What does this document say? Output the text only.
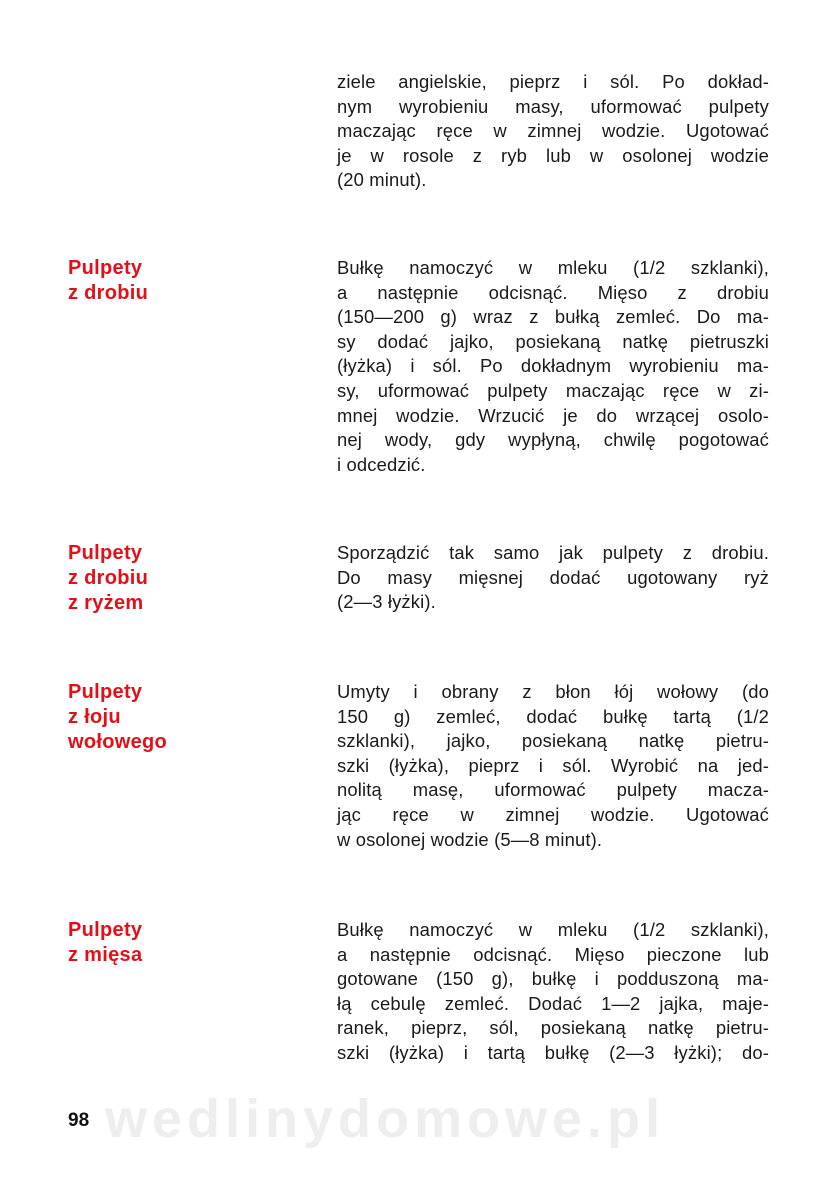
wedlinydomowe.pl

ziele angielskie, pieprz i sól. Po dokład-
nym wyrobieniu masy, uformować pulpety
maczając ręce w zimnej wodzie. Ugotować
je w rosole z ryb lub w osolonej wodzie
(20 minut).

Pulpety
z drobiu

Bułkę namoczyć w mleku (1/2 szklanki),
a następnie odcisnąć. Mięso z drobiu
(150—200 g) wraz z bułką zemleć. Do ma-
sy dodać jajko, posiekaną natkę pietruszki
(łyżka) i sól. Po dokładnym wyrobieniu ma-
sy, uformować pulpety maczając ręce w zi-
mnej wodzie. Wrzucić je do wrzącej osolo-
nej wody, gdy wypłyną, chwilę pogotować
i odcedzić.

Pulpety
z drobiu
z ryżem

Sporządzić tak samo jak pulpety z drobiu.
Do masy mięsnej dodać ugotowany ryż
(2—3 łyżki).

Pulpety
z łoju
wołowego

Umyty i obrany z błon łój wołowy (do
150 g) zemleć, dodać bułkę tartą (1/2
szklanki), jajko, posiekaną natkę pietru-
szki (łyżka), pieprz i sól. Wyrobić na jed-
nolitą masę, uformować pulpety macza-
jąc ręce w zimnej wodzie. Ugotować
w osolonej wodzie (5—8 minut).

Pulpety
z mięsa

Bułkę namoczyć w mleku (1/2 szklanki),
a następnie odcisnąć. Mięso pieczone lub
gotowane (150 g), bułkę i podduszoną ma-
łą cebulę zemleć. Dodać 1—2 jajka, maje-
ranek, pieprz, sól, posiekaną natkę pietru-
szki (łyżka) i tartą bułkę (2—3 łyżki); do-

98
